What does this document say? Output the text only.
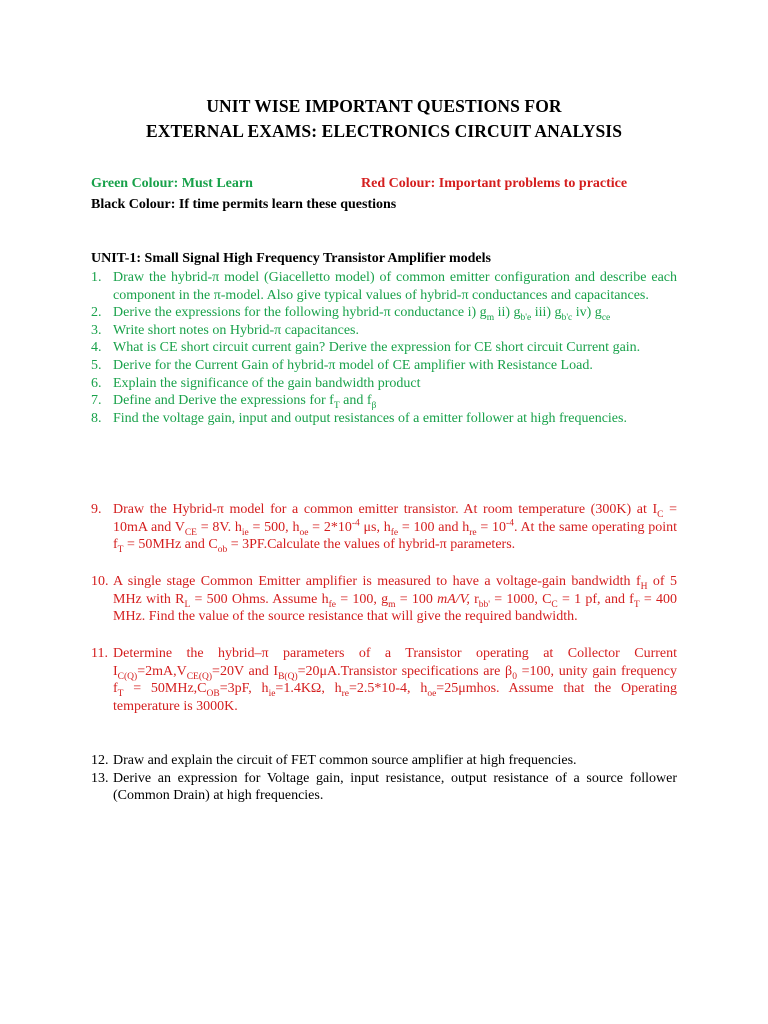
UNIT WISE IMPORTANT QUESTIONS FOR
EXTERNAL EXAMS: ELECTRONICS CIRCUIT ANALYSIS
Green Colour: Must Learn	Red Colour: Important problems to practice
Black Colour: If time permits learn these questions
UNIT-1: Small Signal High Frequency Transistor Amplifier models
1. Draw the hybrid-π model (Giacelletto model) of common emitter configuration and describe each component in the π-model. Also give typical values of hybrid-π conductances and capacitances.
2. Derive the expressions for the following hybrid-π conductance i) $g_m$ ii) $g_{b'e}$ iii) $g_{b'c}$ iv) $g_{ce}$
3. Write short notes on Hybrid-π capacitances.
4. What is CE short circuit current gain? Derive the expression for CE short circuit Current gain.
5. Derive for the Current Gain of hybrid-π model of CE amplifier with Resistance Load.
6. Explain the significance of the gain bandwidth product
7. Define and Derive the expressions for $f_T$ and $f_\beta$
8. Find the voltage gain, input and output resistances of a emitter follower at high frequencies.
9. Draw the Hybrid-π model for a common emitter transistor. At room temperature (300K) at $I_C = 10mA$ and $V_{CE} = 8V$. $h_{ie} = 500$, $h_{oe} = 2*10^{-4}$ μs, $h_{fe} = 100$ and $h_{re} = 10^{-4}$. At the same operating point $f_T = 50MHz$ and $C_{ob}$ = 3PF.Calculate the values of hybrid-π parameters.
10. A single stage Common Emitter amplifier is measured to have a voltage-gain bandwidth $f_H$ of 5 MHz with $R_L = 500$ Ohms. Assume $h_{fe} = 100$, $g_m = 100$ mA/V, $r_{bb'} = 1000$, $C_C = 1$ pf, and $f_T = 400$ MHz. Find the value of the source resistance that will give the required bandwidth.
11. Determine the hybrid–π parameters of a Transistor operating at Collector Current $I_{C(Q)}=2mA,V_{CE(Q)}=20V$ and $I_{B(Q)}=20\mu A.Transistor$ specifications are $\beta_0 =100$, unity gain frequency $f_T = 50MHz,C_{OB}=3pF$, $h_{ie}=1.4K\Omega$, $h_{re}=2.5*10-4$, $h_{oe}=25\mu mhos$. Assume that the Operating temperature is 3000K.
12. Draw and explain the circuit of FET common source amplifier at high frequencies.
13. Derive an expression for Voltage gain, input resistance, output resistance of a source follower (Common Drain) at high frequencies.
